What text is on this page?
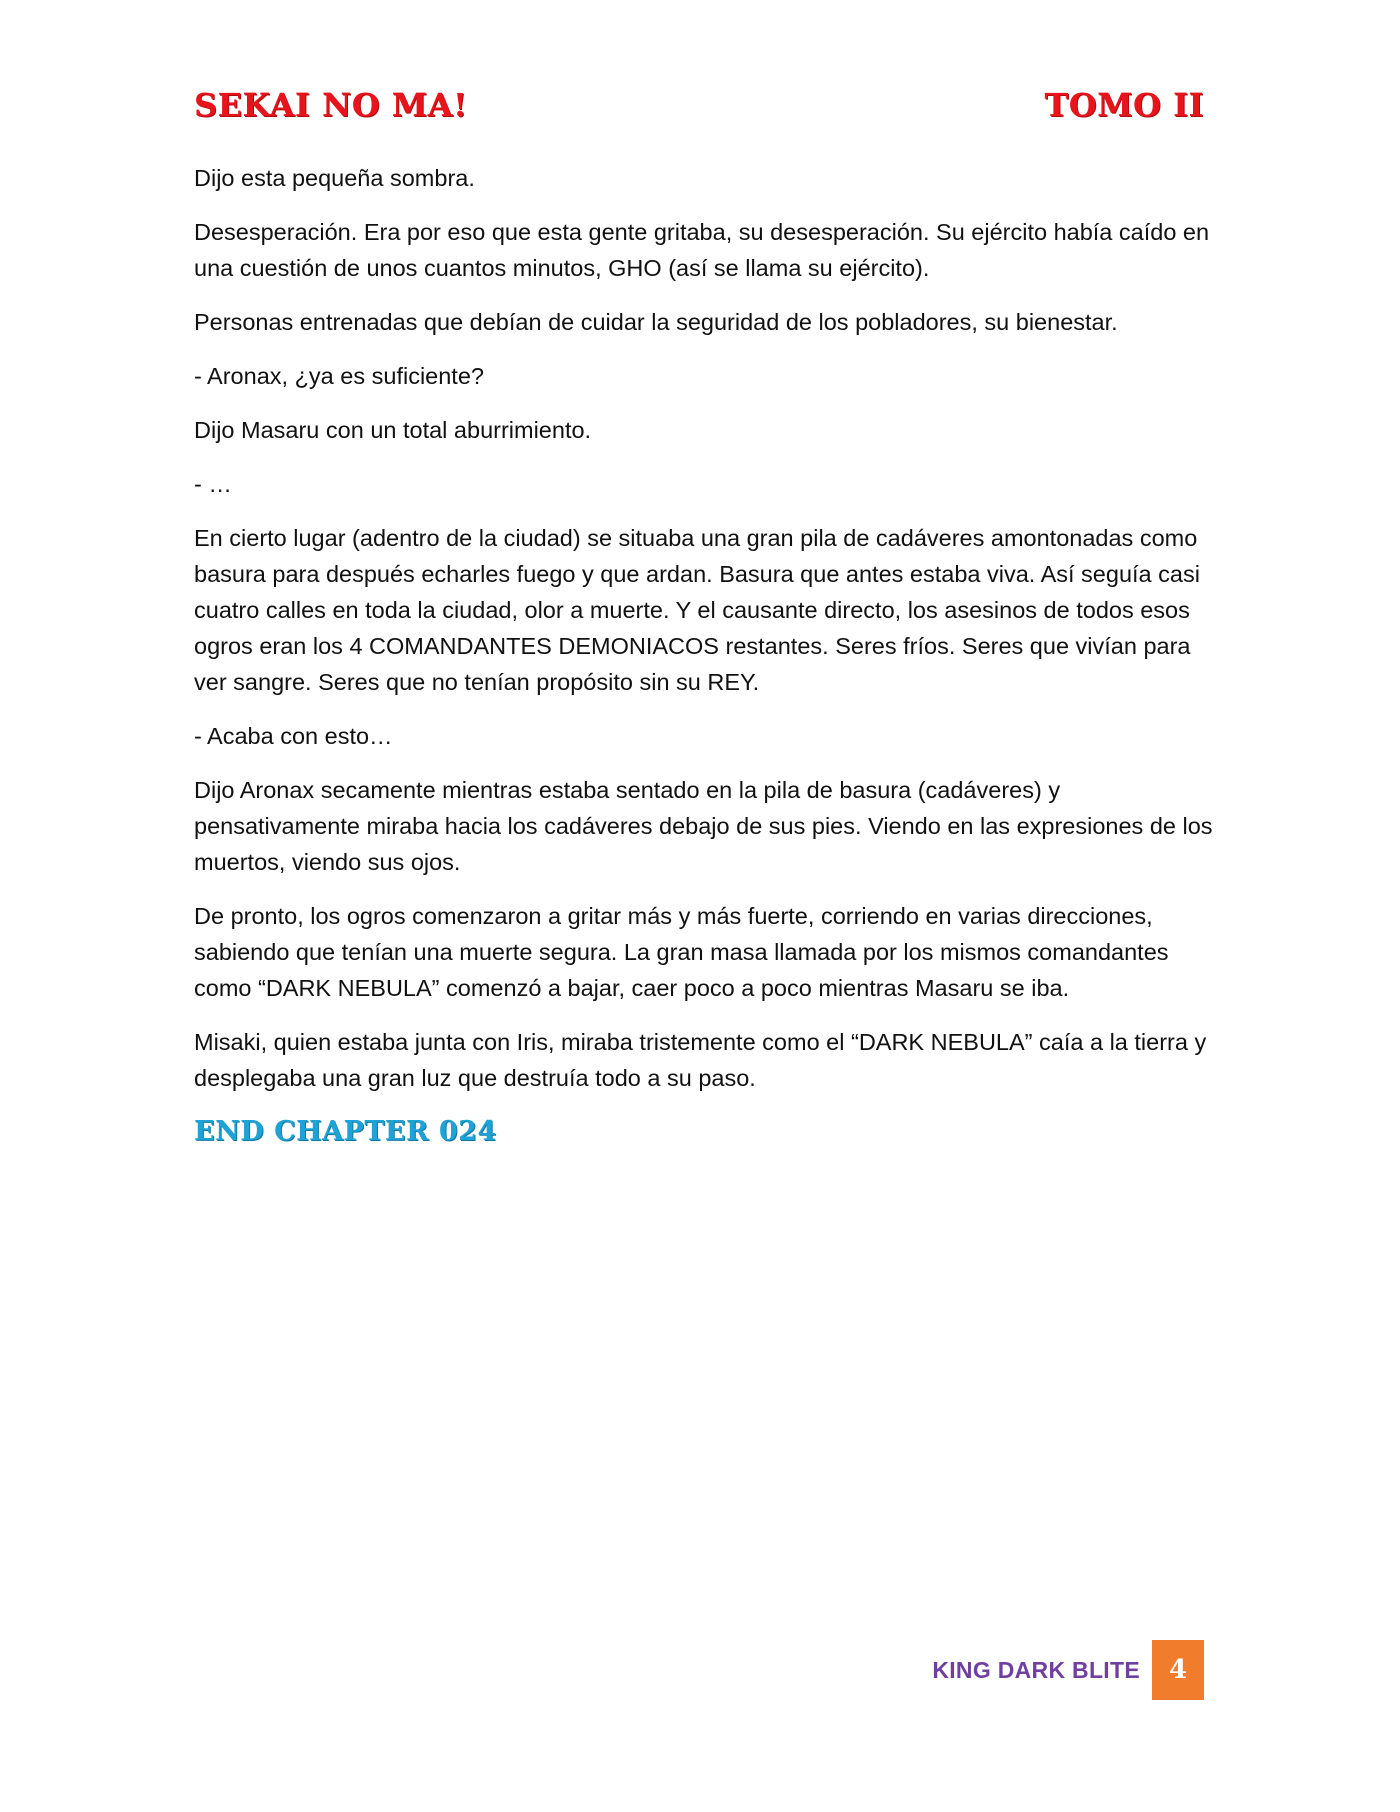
SEKAI NO MA!	TOMO II

Dijo esta pequeña sombra.

Desesperación. Era por eso que esta gente gritaba, su desesperación. Su ejército había caído en una cuestión de unos cuantos minutos, GHO (así se llama su ejército).

Personas entrenadas que debían de cuidar la seguridad de los pobladores, su bienestar.

- Aronax, ¿ya es suficiente?

Dijo Masaru con un total aburrimiento.

- …

En cierto lugar (adentro de la ciudad) se situaba una gran pila de cadáveres amontonadas como basura para después echarles fuego y que ardan. Basura que antes estaba viva. Así seguía casi cuatro calles en toda la ciudad, olor a muerte. Y el causante directo, los asesinos de todos esos ogros eran los 4 COMANDANTES DEMONIACOS restantes. Seres fríos. Seres que vivían para ver sangre. Seres que no tenían propósito sin su REY.

- Acaba con esto…

Dijo Aronax secamente mientras estaba sentado en la pila de basura (cadáveres) y pensativamente miraba hacia los cadáveres debajo de sus pies. Viendo en las expresiones de los muertos, viendo sus ojos.

De pronto, los ogros comenzaron a gritar más y más fuerte, corriendo en varias direcciones, sabiendo que tenían una muerte segura. La gran masa llamada por los mismos comandantes como “DARK NEBULA” comenzó a bajar, caer poco a poco mientras Masaru se iba.

Misaki, quien estaba junta con Iris, miraba tristemente como el “DARK NEBULA” caía a la tierra y desplegaba una gran luz que destruía todo a su paso.

END CHAPTER 024
KING DARK BLITE	4
